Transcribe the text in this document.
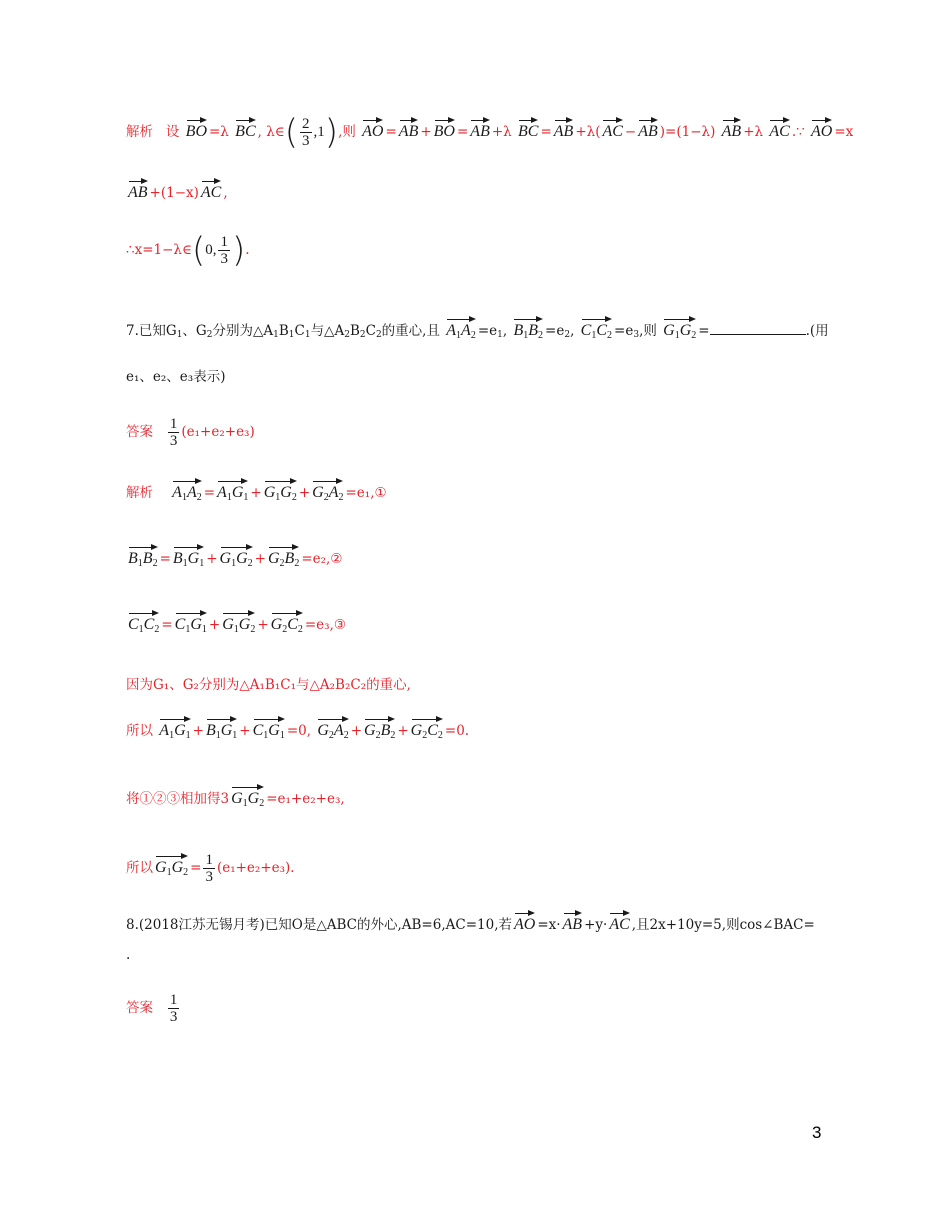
解析 设 BO =λ BC , λ∈( $\frac{2}{3} ,1$),则 AO = AB + BO = AB +λ BC = AB +λ( AC − AB )=(1−λ) AB +λ AC .∵ AO =x
AB +(1−x) AC ,
∴x=1−λ∈(0, $\frac{1}{3}$ ).
7.已知$G_1$、$G_2$分别为$\triangle A_1B_1C_1$与$\triangle A_2B_2C_2$的重心,且 $A_1A_2 =e_1$, $B_1B_2 =e_2$, $C_1C_2 =e_3$,则 $G_1G_2$ =	.(用
e₁、e₂、e₃表示)
答案 $\frac{1}{3} (e_1+e_2+e_3)$
解析 $A_1A_2 = A_1G_1 + G_1G_2 + G_2A_2$ =e₁,①
$B_1B_2 = B_1G_1 + G_1G_2 + G_2B_2$ =e₂,②
$C_1C_2 = C_1G_1 + G_1G_2 + G_2C_2$ =e₃,③
因为G₁、G₂分别为△A₁B₁C₁与△A₂B₂C₂的重心,
所以 $A_1G_1 + B_1G_1 + C_1G_1 =0$, $G_2A_2 + G_2B_2 + G_2C_2 =0$.
将①②③相加得3 $G_1G_2 =e_1+e_2+e_3$,
所以 $G_1G_2 = \frac{1}{3} (e_1+e_2+e_3)$.
8.(2018江苏无锡月考)已知O是△ABC的外心,AB=6,AC=10,若 AO =x· AB +y· AC ,且2x+10y=5,则cos∠BAC=
.
答案 $\frac{1}{3}$
3
